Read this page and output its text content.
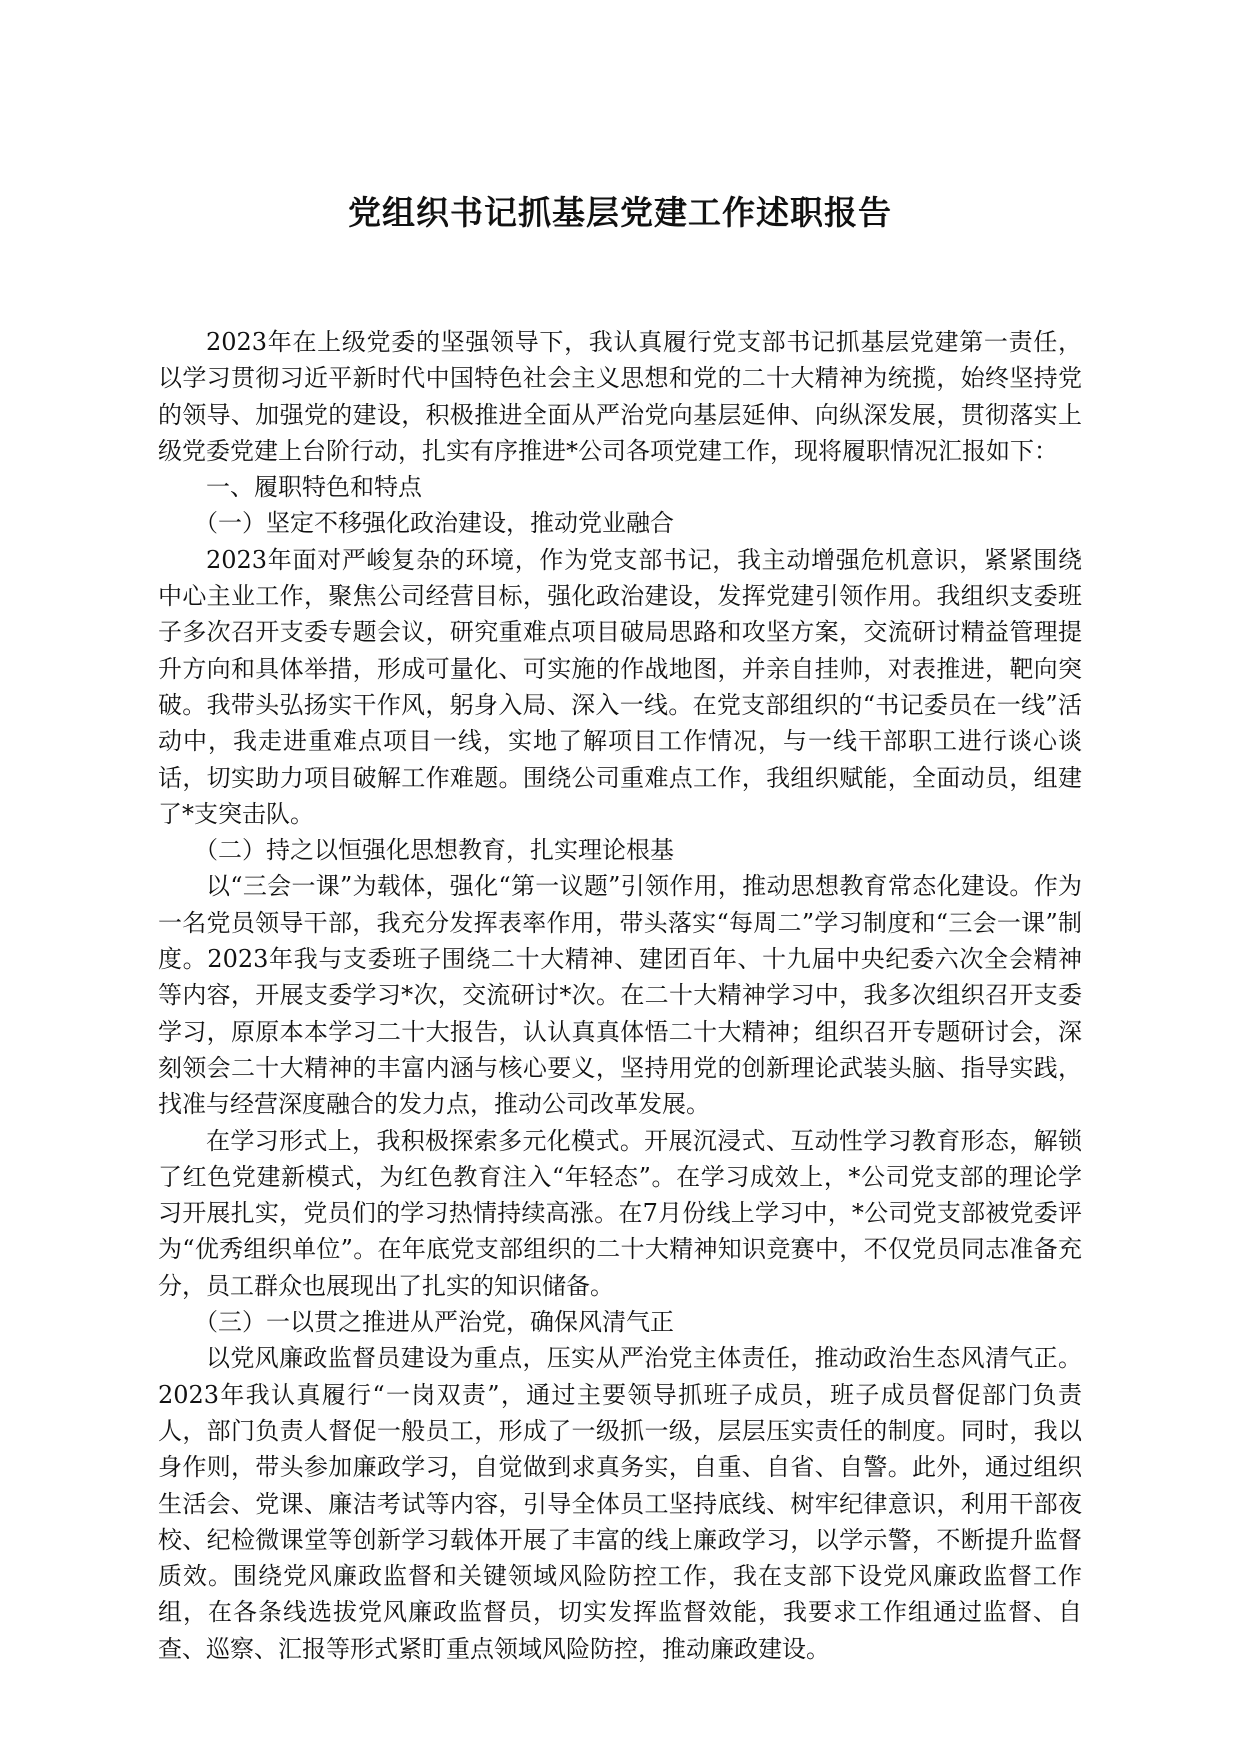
党组织书记抓基层党建工作述职报告

2023年在上级党委的坚强领导下，我认真履行党支部书记抓基层党建第一责任，以学习贯彻习近平新时代中国特色社会主义思想和党的二十大精神为统揽，始终坚持党的领导、加强党的建设，积极推进全面从严治党向基层延伸、向纵深发展，贯彻落实上级党委党建上台阶行动，扎实有序推进*公司各项党建工作，现将履职情况汇报如下：

一、履职特色和特点

（一）坚定不移强化政治建设，推动党业融合

2023年面对严峻复杂的环境，作为党支部书记，我主动增强危机意识，紧紧围绕中心主业工作，聚焦公司经营目标，强化政治建设，发挥党建引领作用。我组织支委班子多次召开支委专题会议，研究重难点项目破局思路和攻坚方案，交流研讨精益管理提升方向和具体举措，形成可量化、可实施的作战地图，并亲自挂帅，对表推进，靶向突破。我带头弘扬实干作风，躬身入局、深入一线。在党支部组织的“书记委员在一线”活动中，我走进重难点项目一线，实地了解项目工作情况，与一线干部职工进行谈心谈话，切实助力项目破解工作难题。围绕公司重难点工作，我组织赋能，全面动员，组建了*支突击队。

（二）持之以恒强化思想教育，扎实理论根基

以“三会一课”为载体，强化“第一议题”引领作用，推动思想教育常态化建设。作为一名党员领导干部，我充分发挥表率作用，带头落实“每周二”学习制度和“三会一课”制度。2023年我与支委班子围绕二十大精神、建团百年、十九届中央纪委六次全会精神等内容，开展支委学习*次，交流研讨*次。在二十大精神学习中，我多次组织召开支委学习，原原本本学习二十大报告，认认真真体悟二十大精神；组织召开专题研讨会，深刻领会二十大精神的丰富内涵与核心要义，坚持用党的创新理论武装头脑、指导实践，找准与经营深度融合的发力点，推动公司改革发展。

在学习形式上，我积极探索多元化模式。开展沉浸式、互动性学习教育形态，解锁了红色党建新模式，为红色教育注入“年轻态”。在学习成效上，*公司党支部的理论学习开展扎实，党员们的学习热情持续高涨。在7月份线上学习中，*公司党支部被党委评为“优秀组织单位”。在年底党支部组织的二十大精神知识竞赛中，不仅党员同志准备充分，员工群众也展现出了扎实的知识储备。

（三）一以贯之推进从严治党，确保风清气正

以党风廉政监督员建设为重点，压实从严治党主体责任，推动政治生态风清气正。2023年我认真履行“一岗双责”，通过主要领导抓班子成员，班子成员督促部门负责人，部门负责人督促一般员工，形成了一级抓一级，层层压实责任的制度。同时，我以身作则，带头参加廉政学习，自觉做到求真务实，自重、自省、自警。此外，通过组织生活会、党课、廉洁考试等内容，引导全体员工坚持底线、树牢纪律意识，利用干部夜校、纪检微课堂等创新学习载体开展了丰富的线上廉政学习，以学示警，不断提升监督质效。围绕党风廉政监督和关键领域风险防控工作，我在支部下设党风廉政监督工作组，在各条线选拔党风廉政监督员，切实发挥监督效能，我要求工作组通过监督、自查、巡察、汇报等形式紧盯重点领域风险防控，推动廉政建设。
